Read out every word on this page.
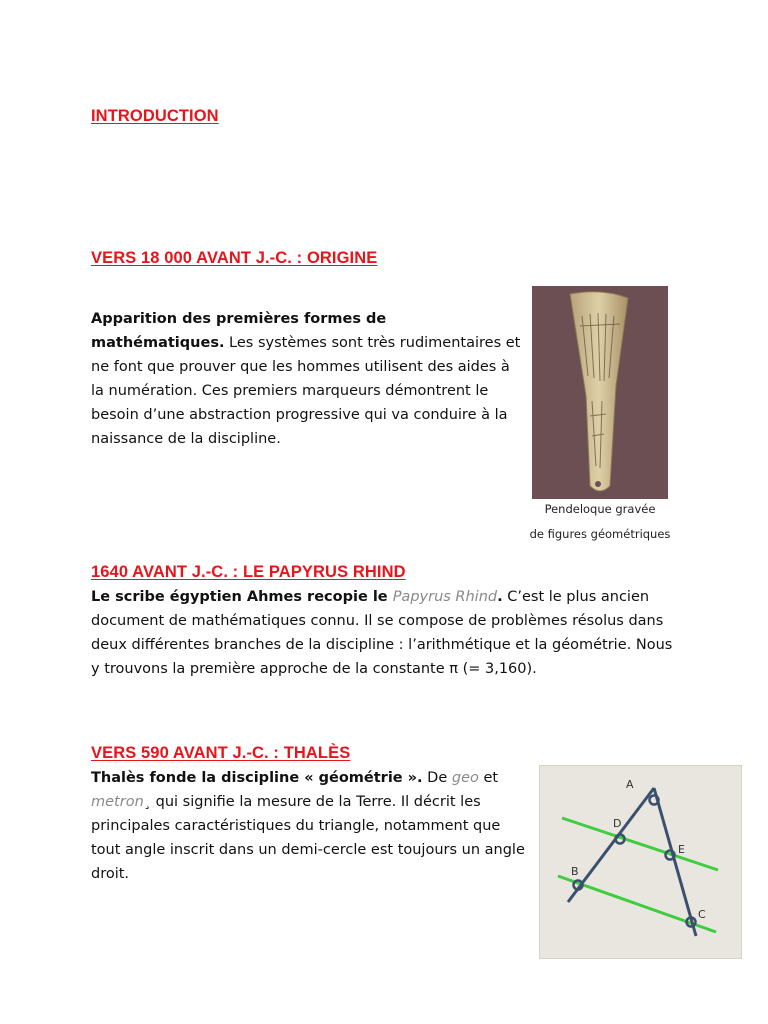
INTRODUCTION
VERS 18 000 AVANT J.-C. : ORIGINE
Apparition des premières formes de mathématiques. Les systèmes sont très rudimentaires et ne font que prouver que les hommes utilisent des aides à la numération. Ces premiers marqueurs démontrent le besoin d’une abstraction progressive qui va conduire à la naissance de la discipline.
Pendeloque gravée
de figures géométriques
1640 AVANT J.-C. : LE PAPYRUS RHIND
Le scribe égyptien Ahmes recopie le Papyrus Rhind. C’est le plus ancien document de mathématiques connu. Il se compose de problèmes résolus dans deux différentes branches de la discipline : l’arithmétique et la géométrie. Nous y trouvons la première approche de la constante π (= 3,160).
VERS 590 AVANT J.-C. : THALÈS
Thalès fonde la discipline « géométrie ». De geo et metron¸ qui signifie la mesure de la Terre. Il décrit les principales caractéristiques du triangle, notamment que tout angle inscrit dans un demi-cercle est toujours un angle droit.
A
D
E
B
C
